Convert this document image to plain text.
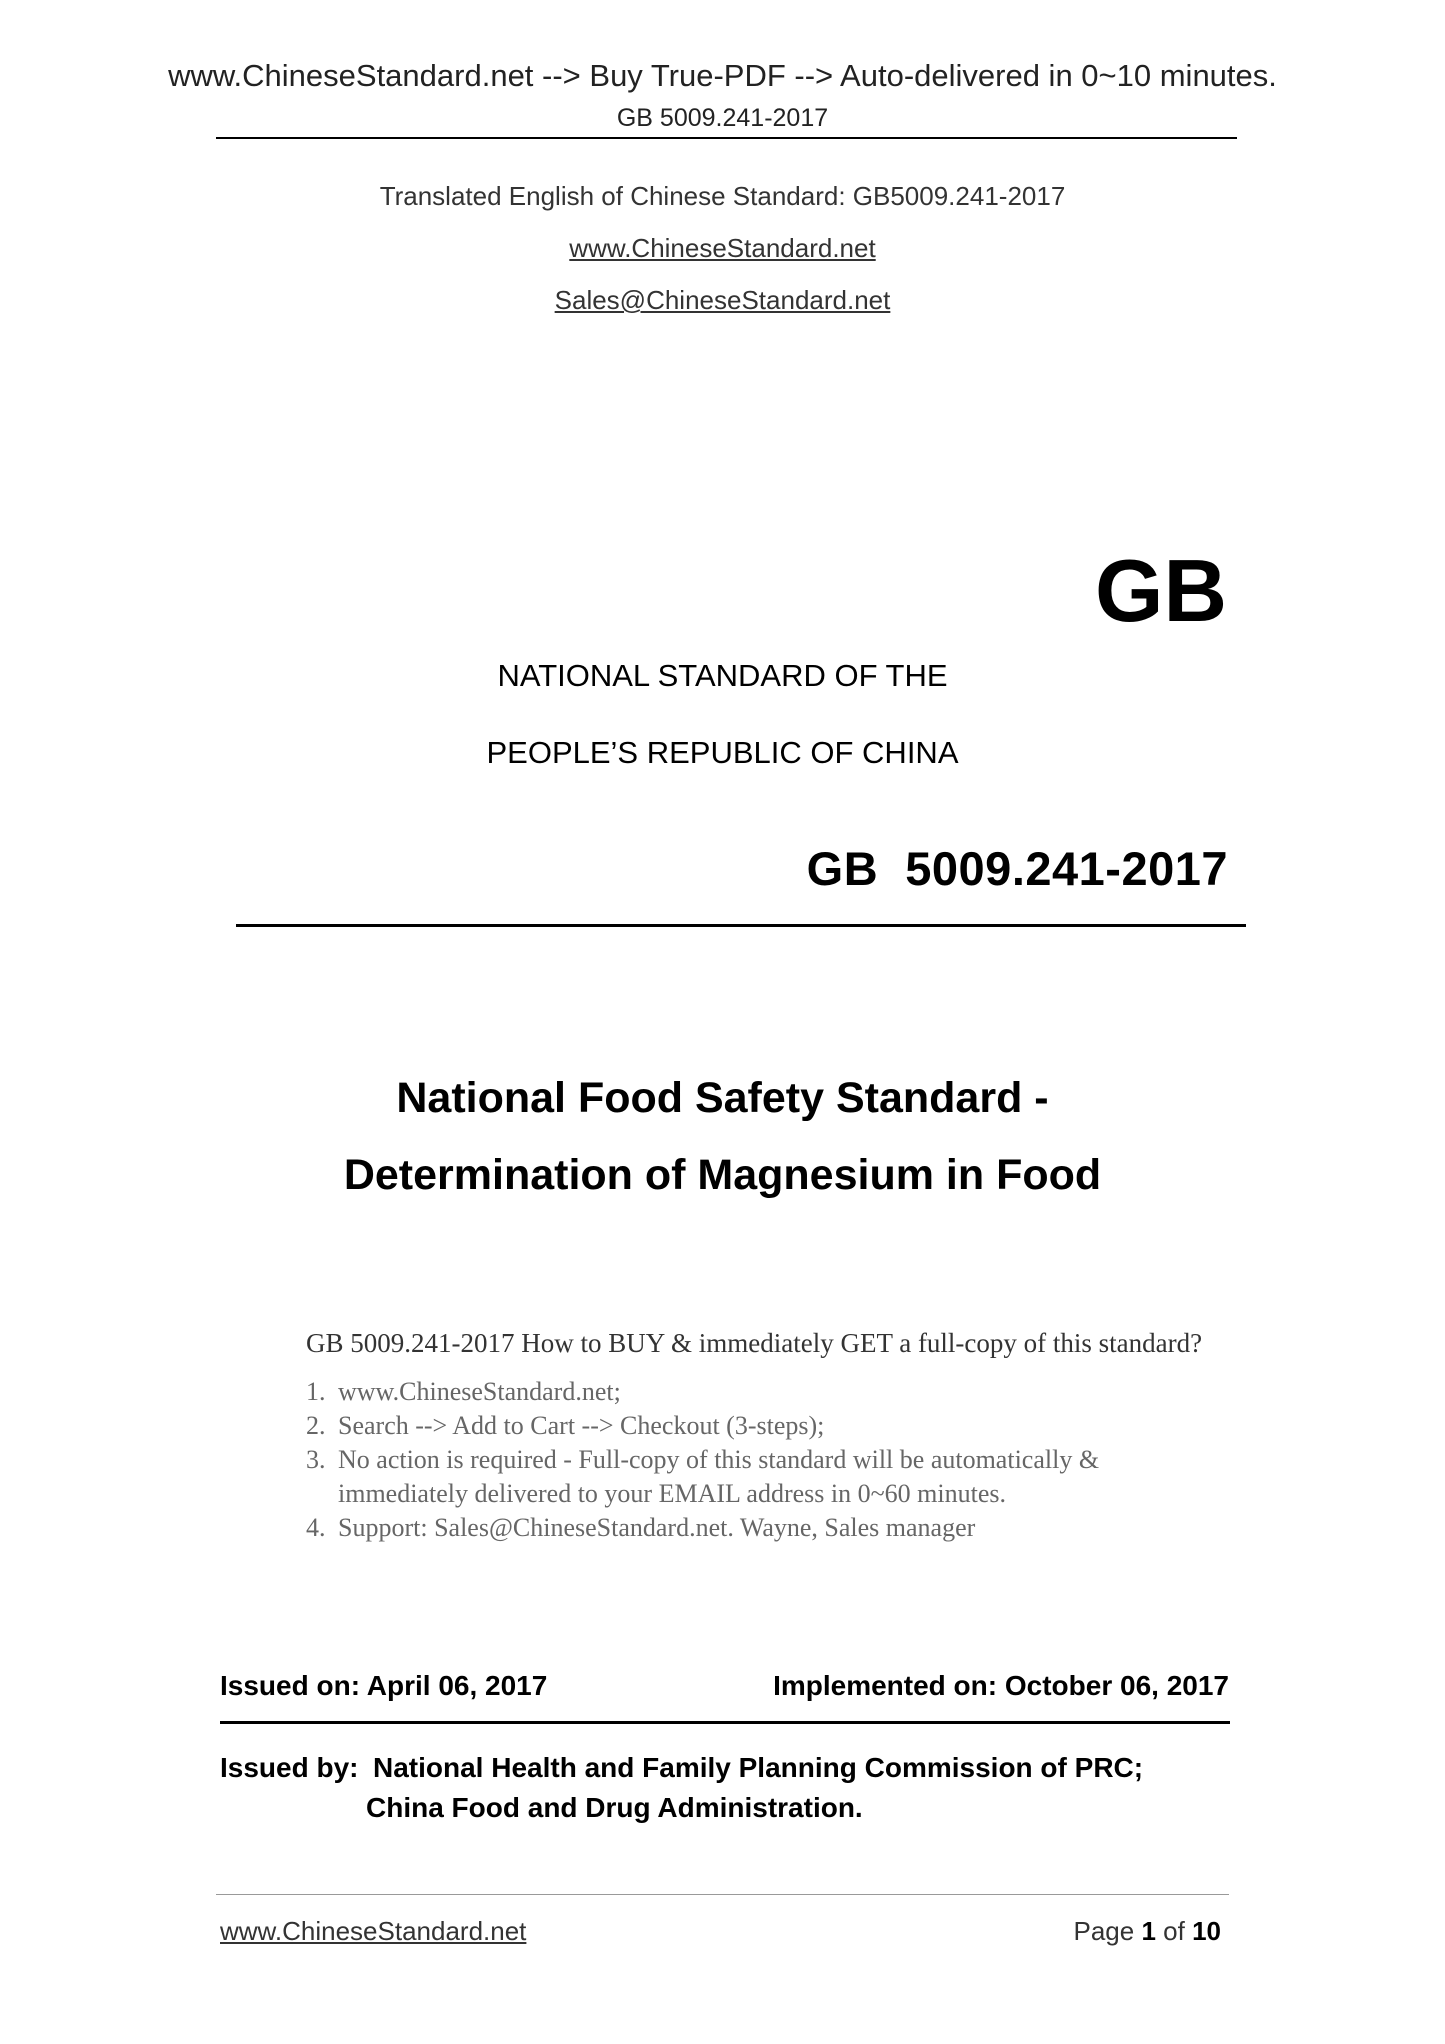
www.ChineseStandard.net --> Buy True-PDF --> Auto-delivered in 0~10 minutes.
GB 5009.241-2017
Translated English of Chinese Standard: GB5009.241-2017
www.ChineseStandard.net
Sales@ChineseStandard.net
GB
NATIONAL STANDARD OF THE
PEOPLE’S REPUBLIC OF CHINA
GB  5009.241-2017
National Food Safety Standard -
Determination of Magnesium in Food
GB 5009.241-2017 How to BUY & immediately GET a full-copy of this standard?
1. www.ChineseStandard.net;
2. Search --> Add to Cart --> Checkout (3-steps);
3. No action is required - Full-copy of this standard will be automatically & immediately delivered to your EMAIL address in 0~60 minutes.
4. Support: Sales@ChineseStandard.net. Wayne, Sales manager
Issued on: April 06, 2017	Implemented on: October 06, 2017
Issued by: National Health and Family Planning Commission of PRC;
China Food and Drug Administration.
www.ChineseStandard.net	Page 1 of 10
